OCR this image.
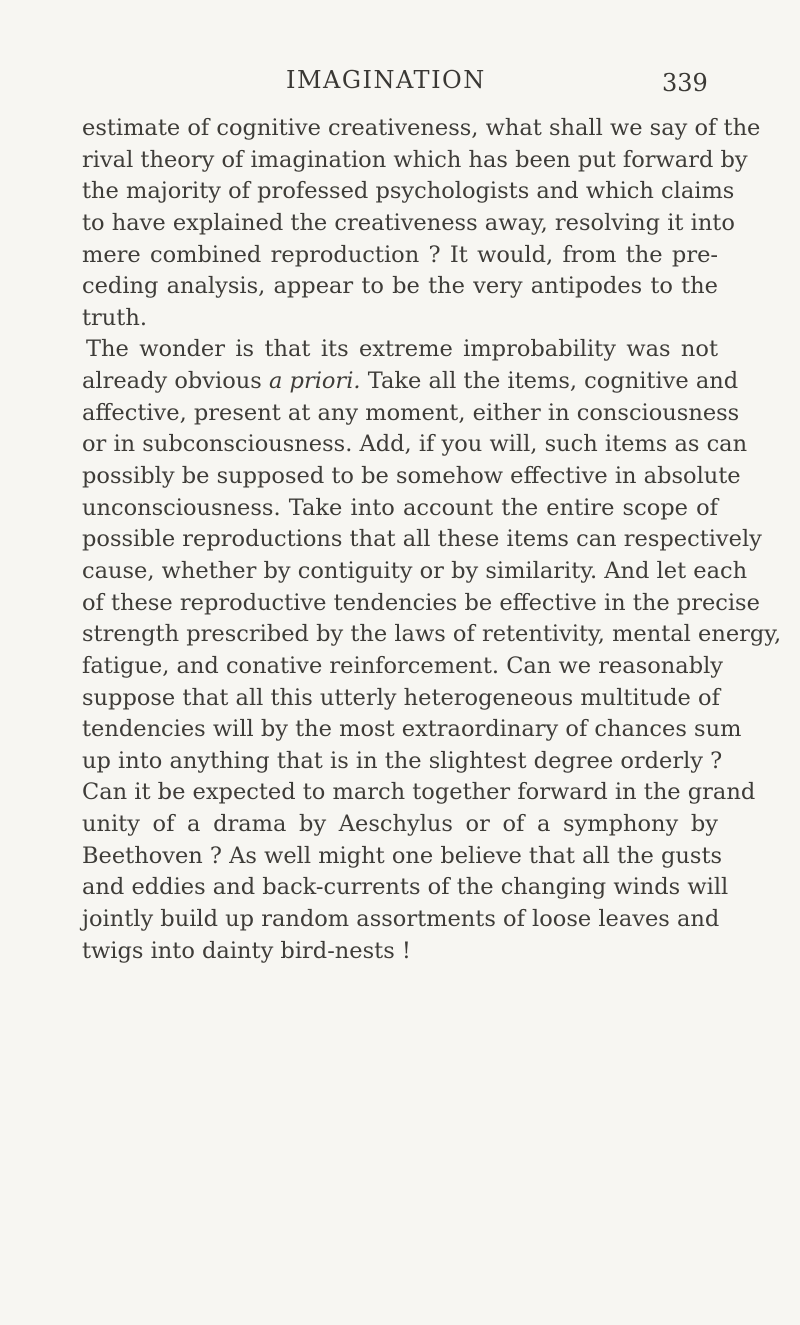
IMAGINATION	339
estimate of cognitive creativeness, what shall we say of the
rival theory of imagination which has been put forward by
the majority of professed psychologists and which claims
to have explained the creativeness away, resolving it into
mere combined reproduction ? It would, from the pre-
ceding analysis, appear to be the very antipodes to the
truth.
The wonder is that its extreme improbability was not
already obvious a priori. Take all the items, cognitive and
affective, present at any moment, either in consciousness
or in subconsciousness. Add, if you will, such items as can
possibly be supposed to be somehow effective in absolute
unconsciousness. Take into account the entire scope of
possible reproductions that all these items can respectively
cause, whether by contiguity or by similarity. And let each
of these reproductive tendencies be effective in the precise
strength prescribed by the laws of retentivity, mental energy,
fatigue, and conative reinforcement. Can we reasonably
suppose that all this utterly heterogeneous multitude of
tendencies will by the most extraordinary of chances sum
up into anything that is in the slightest degree orderly ?
Can it be expected to march together forward in the grand
unity of a drama by Aeschylus or of a symphony by
Beethoven ? As well might one believe that all the gusts
and eddies and back-currents of the changing winds will
jointly build up random assortments of loose leaves and
twigs into dainty bird-nests !
